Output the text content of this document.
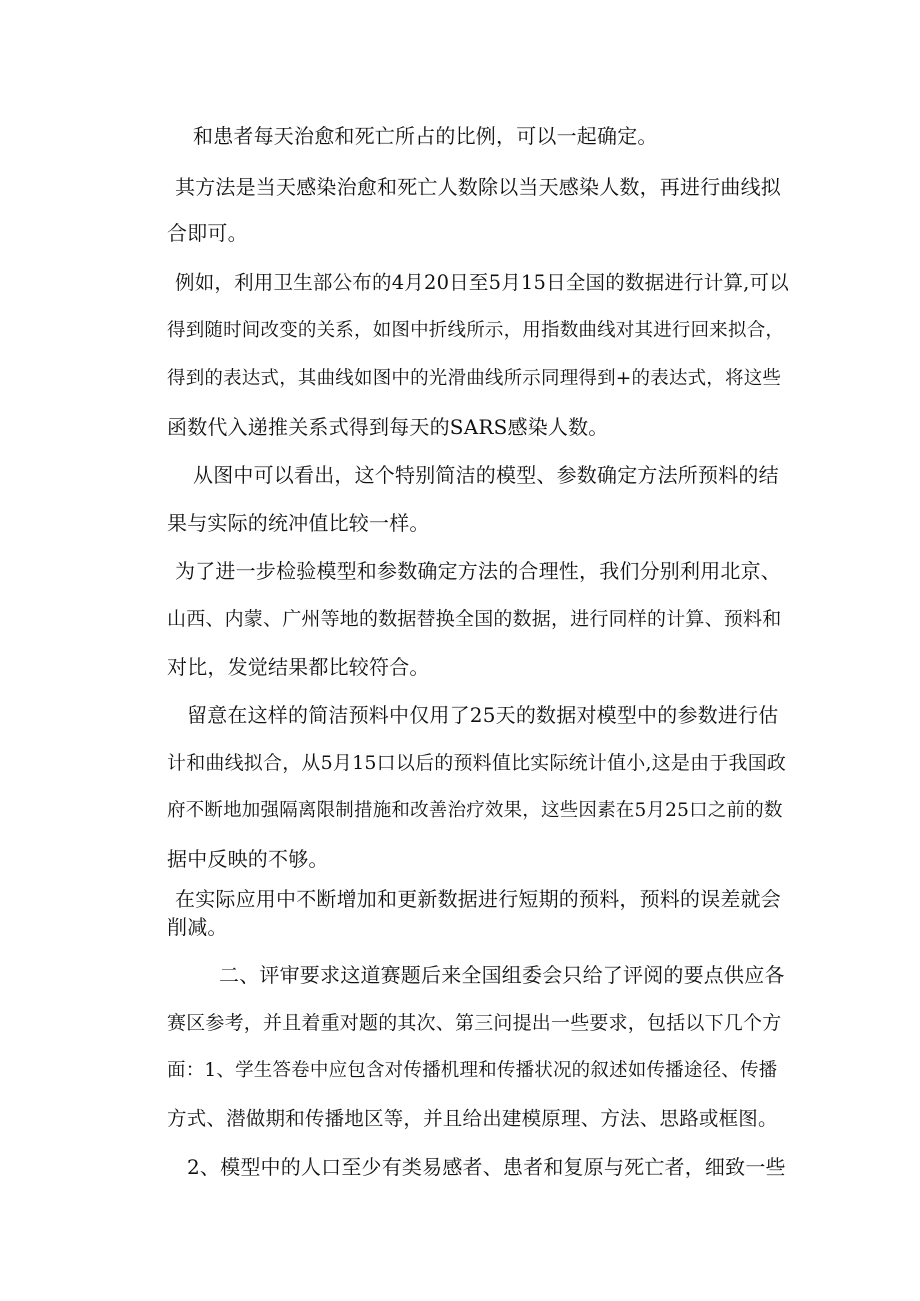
和患者每天治愈和死亡所占的比例，可以一起确定。
其方法是当天感染治愈和死亡人数除以当天感染人数，再进行曲线拟
合即可。
例如，利用卫生部公布的4月20日至5月15日全国的数据进行计算,可以
得到随时间改变的关系，如图中折线所示，用指数曲线对其进行回来拟合，
得到的表达式，其曲线如图中的光滑曲线所示同理得到+的表达式，将这些
函数代入递推关系式得到每天的SARS感染人数。
从图中可以看出，这个特别简洁的模型、参数确定方法所预料的结
果与实际的统冲值比较一样。
为了进一步检验模型和参数确定方法的合理性，我们分别利用北京、
山西、内蒙、广州等地的数据替换全国的数据，进行同样的计算、预料和
对比，发觉结果都比较符合。
留意在这样的简洁预料中仅用了25天的数据对模型中的参数进行估
计和曲线拟合，从5月15口以后的预料值比实际统计值小,这是由于我国政
府不断地加强隔离限制措施和改善治疗效果，这些因素在5月25口之前的数
据中反映的不够。
在实际应用中不断增加和更新数据进行短期的预料，预料的误差就会
削减。
二、评审要求这道赛题后来全国组委会只给了评阅的要点供应各
赛区参考，并且着重对题的其次、第三问提出一些要求，包括以下几个方
面：1、学生答卷中应包含对传播机理和传播状况的叙述如传播途径、传播
方式、潜做期和传播地区等，并且给出建模原理、方法、思路或框图。
2、模型中的人口至少有类易感者、患者和复原与死亡者，细致一些
